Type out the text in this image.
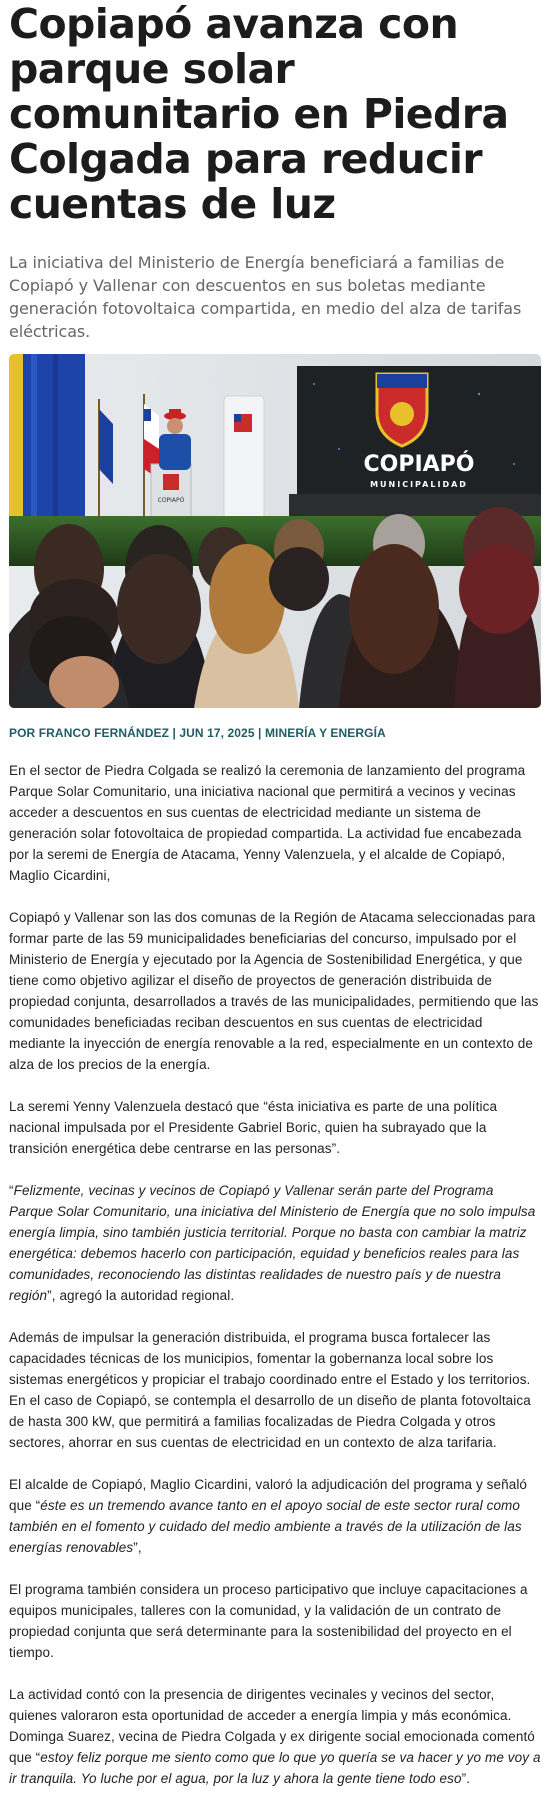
Copiapó avanza con parque solar comunitario en Piedra Colgada para reducir cuentas de luz

La iniciativa del Ministerio de Energía beneficiará a familias de Copiapó y Vallenar con descuentos en sus boletas mediante generación fotovoltaica compartida, en medio del alza de tarifas eléctricas.

COPIAPÓ
COPIAPÓ
MUNICIPALIDAD
POR FRANCO FERNÁNDEZ | JUN 17, 2025 | MINERÍA Y ENERGÍA

En el sector de Piedra Colgada se realizó la ceremonia de lanzamiento del programa Parque Solar Comunitario, una iniciativa nacional que permitirá a vecinos y vecinas acceder a descuentos en sus cuentas de electricidad mediante un sistema de generación solar fotovoltaica de propiedad compartida. La actividad fue encabezada por la seremi de Energía de Atacama, Yenny Valenzuela, y el alcalde de Copiapó, Maglio Cicardini,

Copiapó y Vallenar son las dos comunas de la Región de Atacama seleccionadas para formar parte de las 59 municipalidades beneficiarias del concurso, impulsado por el Ministerio de Energía y ejecutado por la Agencia de Sostenibilidad Energética, y que tiene como objetivo agilizar el diseño de proyectos de generación distribuida de propiedad conjunta, desarrollados a través de las municipalidades, permitiendo que las comunidades beneficiadas reciban descuentos en sus cuentas de electricidad mediante la inyección de energía renovable a la red, especialmente en un contexto de alza de los precios de la energía.

La seremi Yenny Valenzuela destacó que “ésta iniciativa es parte de una política nacional impulsada por el Presidente Gabriel Boric, quien ha subrayado que la transición energética debe centrarse en las personas”.

“Felizmente, vecinas y vecinos de Copiapó y Vallenar serán parte del Programa Parque Solar Comunitario, una iniciativa del Ministerio de Energía que no solo impulsa energía limpia, sino también justicia territorial. Porque no basta con cambiar la matriz energética: debemos hacerlo con participación, equidad y beneficios reales para las comunidades, reconociendo las distintas realidades de nuestro país y de nuestra región”, agregó la autoridad regional.

Además de impulsar la generación distribuida, el programa busca fortalecer las capacidades técnicas de los municipios, fomentar la gobernanza local sobre los sistemas energéticos y propiciar el trabajo coordinado entre el Estado y los territorios. En el caso de Copiapó, se contempla el desarrollo de un diseño de planta fotovoltaica de hasta 300 kW, que permitirá a familias focalizadas de Piedra Colgada y otros sectores, ahorrar en sus cuentas de electricidad en un contexto de alza tarifaria.

El alcalde de Copiapó, Maglio Cicardini, valoró la adjudicación del programa y señaló que “éste es un tremendo avance tanto en el apoyo social de este sector rural como también en el fomento y cuidado del medio ambiente a través de la utilización de las energías renovables”,

El programa también considera un proceso participativo que incluye capacitaciones a equipos municipales, talleres con la comunidad, y la validación de un contrato de propiedad conjunta que será determinante para la sostenibilidad del proyecto en el tiempo.

La actividad contó con la presencia de dirigentes vecinales y vecinos del sector, quienes valoraron esta oportunidad de acceder a energía limpia y más económica. Dominga Suarez, vecina de Piedra Colgada y ex dirigente social emocionada comentó que “estoy feliz porque me siento como que lo que yo quería se va hacer y yo me voy a ir tranquila. Yo luche por el agua, por la luz y ahora la gente tiene todo eso”.
